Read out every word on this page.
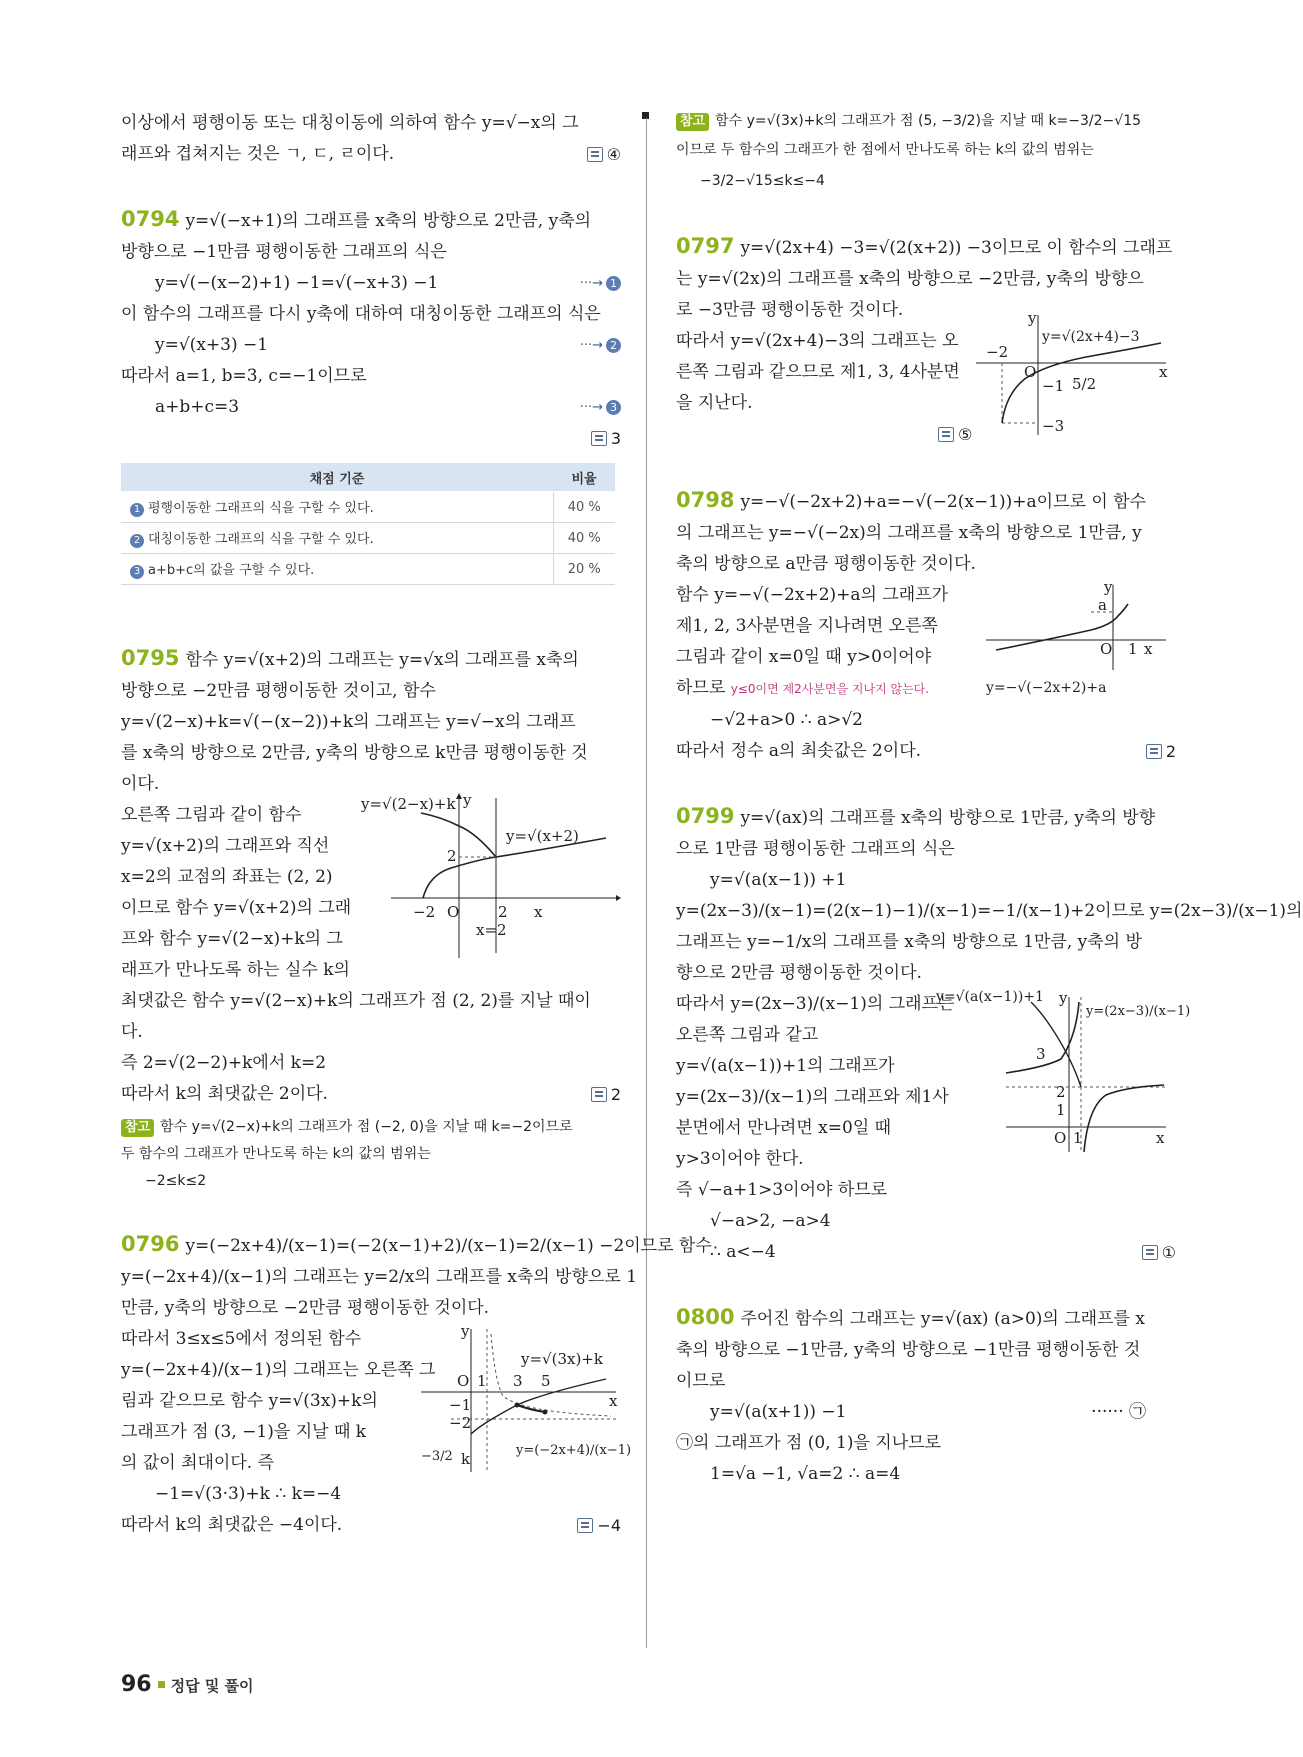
이상에서 평행이동 또는 대칭이동에 의하여 함수 y=√−x의 그
래프와 겹쳐지는 것은 ㄱ, ㄷ, ㄹ이다.	④
0794 y=√(−x+1)의 그래프를 x축의 방향으로 2만큼, y축의
방향으로 −1만큼 평행이동한 그래프의 식은
y=√(−(x−2)+1) −1=√(−x+3) −1	···→ 1
이 함수의 그래프를 다시 y축에 대하여 대칭이동한 그래프의 식은
y=√(x+3) −1	···→ 2
따라서 a=1, b=3, c=−1이므로
a+b+c=3	···→ 3
3
채점 기준	비율
1 평행이동한 그래프의 식을 구할 수 있다.	40 %
2 대칭이동한 그래프의 식을 구할 수 있다.	40 %
3 a+b+c의 값을 구할 수 있다.	20 %
0795 함수 y=√(x+2)의 그래프는 y=√x의 그래프를 x축의
방향으로 −2만큼 평행이동한 것이고, 함수
y=√(2−x)+k=√(−(x−2))+k의 그래프는 y=√−x의 그래프
를 x축의 방향으로 2만큼, y축의 방향으로 k만큼 평행이동한 것
이다.
오른쪽 그림과 같이 함수
y=√(x+2)의 그래프와 직선
x=2의 교점의 좌표는 (2, 2)
이므로 함수 y=√(x+2)의 그래
프와 함수 y=√(2−x)+k의 그
래프가 만나도록 하는 실수 k의
최댓값은 함수 y=√(2−x)+k의 그래프가 점 (2, 2)를 지날 때이
다.
즉 2=√(2−2)+k에서 k=2
따라서 k의 최댓값은 2이다.	2
참고 함수 y=√(2−x)+k의 그래프가 점 (−2, 0)을 지날 때 k=−2이므로
두 함수의 그래프가 만나도록 하는 k의 값의 범위는
−2≤k≤2
y=√(2−x)+k
y=√(x+2)
x=2
y
x
O
−2	2
2
0796 y=(−2x+4)/(x−1)=(−2(x−1)+2)/(x−1)=2/(x−1) −2이므로 함수
y=(−2x+4)/(x−1)의 그래프는 y=2/x의 그래프를 x축의 방향으로 1
만큼, y축의 방향으로 −2만큼 평행이동한 것이다.
따라서 3≤x≤5에서 정의된 함수
y=(−2x+4)/(x−1)의 그래프는 오른쪽 그
림과 같으므로 함수 y=√(3x)+k의
그래프가 점 (3, −1)을 지날 때 k
의 값이 최대이다. 즉
−1=√(3·3)+k ∴ k=−4
따라서 k의 최댓값은 −4이다.	−4
y=√(3x)+k
y=(−2x+4)/(x−1)
y
x
O 1 3 5
−1
−2
−3/2 k
참고 함수 y=√(3x)+k의 그래프가 점 (5, −3/2)을 지날 때 k=−3/2−√15
이므로 두 함수의 그래프가 한 점에서 만나도록 하는 k의 값의 범위는
−3/2−√15≤k≤−4
0797 y=√(2x+4) −3=√(2(x+2)) −3이므로 이 함수의 그래프
는 y=√(2x)의 그래프를 x축의 방향으로 −2만큼, y축의 방향으
로 −3만큼 평행이동한 것이다.
따라서 y=√(2x+4)−3의 그래프는 오
른쪽 그림과 같으므로 제1, 3, 4사분면
을 지난다.
⑤
y=√(2x+4)−3
y
x
O
−2
−1 5/2
−3
0798 y=−√(−2x+2)+a=−√(−2(x−1))+a이므로 이 함수
의 그래프는 y=−√(−2x)의 그래프를 x축의 방향으로 1만큼, y
축의 방향으로 a만큼 평행이동한 것이다.
함수 y=−√(−2x+2)+a의 그래프가
제1, 2, 3사분면을 지나려면 오른쪽
그림과 같이 x=0일 때 y>0이어야
하므로 y≤0이면 제2사분면을 지나지 않는다.
−√2+a>0 ∴ a>√2
따라서 정수 a의 최솟값은 2이다.	2
y
x
O 1
a
y=−√(−2x+2)+a
0799 y=√(ax)의 그래프를 x축의 방향으로 1만큼, y축의 방향
으로 1만큼 평행이동한 그래프의 식은
y=√(a(x−1)) +1
y=(2x−3)/(x−1)=(2(x−1)−1)/(x−1)=−1/(x−1)+2이므로 y=(2x−3)/(x−1)의
그래프는 y=−1/x의 그래프를 x축의 방향으로 1만큼, y축의 방
향으로 2만큼 평행이동한 것이다.
따라서 y=(2x−3)/(x−1)의 그래프는
오른쪽 그림과 같고
y=√(a(x−1))+1의 그래프가
y=(2x−3)/(x−1)의 그래프와 제1사
분면에서 만나려면 x=0일 때
y>3이어야 한다.
즉 √−a+1>3이어야 하므로
√−a>2, −a>4
∴ a<−4	①
y=√(a(x−1))+1
y=(2x−3)/(x−1)
y
x
O 1
1
2
3
0800 주어진 함수의 그래프는 y=√(ax) (a>0)의 그래프를 x
축의 방향으로 −1만큼, y축의 방향으로 −1만큼 평행이동한 것
이므로
y=√(a(x+1)) −1	······ ㉠
㉠의 그래프가 점 (0, 1)을 지나므로
1=√a −1, √a=2 ∴ a=4
96 정답 및 풀이
